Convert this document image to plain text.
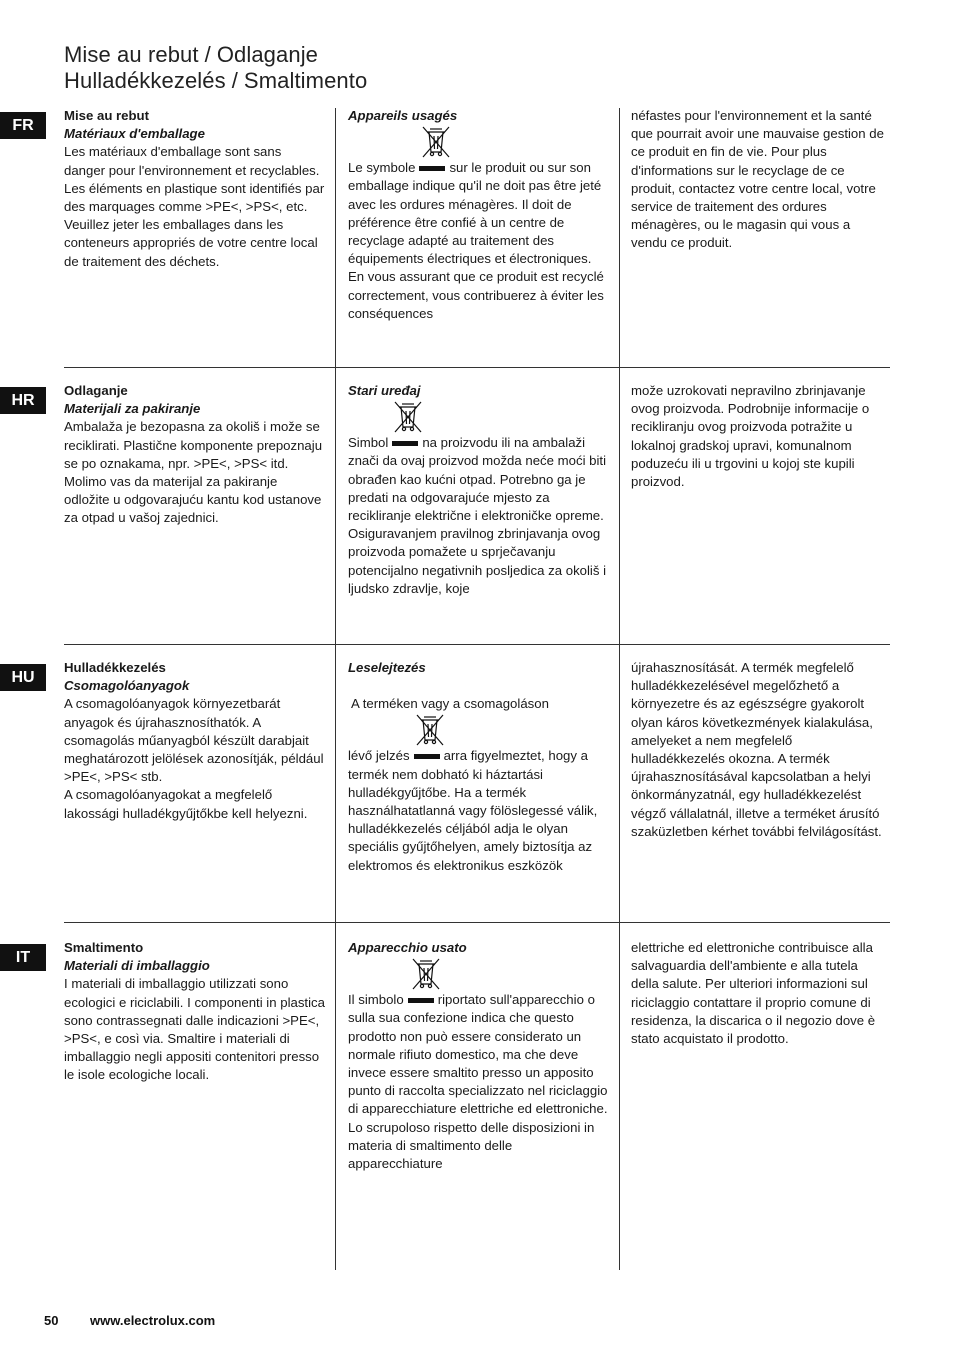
Mise au rebut / Odlaganje
Hulladékkezelés / Smaltimento
FR
HR
HU
IT

Mise au rebut

Matériaux d'emballage

Les matériaux d'emballage sont sans danger pour l'environnement et recyclables. Les éléments en plastique sont identifiés par des marquages comme >PE<, >PS<, etc.

Veuillez jeter les emballages dans les conteneurs appropriés de votre centre local de traitement des déchets.

Appareils usagés

Le symbole	sur le produit ou sur son emballage indique qu'il ne doit pas être jeté avec les ordures ménagères. Il doit de préférence être confié à un centre de recyclage adapté au traitement des équipements électriques et électroniques. En vous assurant que ce produit est recyclé correctement, vous contribuerez à éviter les conséquences

néfastes pour l'environnement et la santé que pourrait avoir une mauvaise gestion de ce produit en fin de vie. Pour plus d'informations sur le recyclage de ce produit, contactez votre centre local, votre service de traitement des ordures ménagères, ou le magasin qui vous a vendu ce produit.

Odlaganje

Materijali za pakiranje

Ambalaža je bezopasna za okoliš i može se reciklirati. Plastične komponente prepoznaju se po oznakama, npr. >PE<, >PS< itd.

Molimo vas da materijal za pakiranje odložite u odgovarajuću kantu kod ustanove za otpad u vašoj zajednici.

Stari uređaj

Simbol	na proizvodu ili na ambalaži znači da ovaj proizvod možda neće moći biti obrađen kao kućni otpad. Potrebno ga je predati na odgovarajuće mjesto za recikliranje električne i elektroničke opreme. Osiguravanjem pravilnog zbrinjavanja ovog proizvoda pomažete u sprječavanju potencijalno negativnih posljedica za okoliš i ljudsko zdravlje, koje

može uzrokovati nepravilno zbrinjavanje ovog proizvoda. Podrobnije informacije o recikliranju ovog proizvoda potražite u lokalnoj gradskoj upravi, komunalnom poduzeću ili u trgovini u kojoj ste kupili proizvod.

Hulladékkezelés

Csomagolóanyagok

A csomagolóanyagok környezetbarát anyagok és újrahasznosíthatók. A csomagolás műanyagból készült darabjait meghatározott jelölések azonosítják, például >PE<, >PS< stb.

A csomagolóanyagokat a megfelelő lakossági hulladékgyűjtőkbe kell helyezni.

Leselejtezés

A terméken vagy a csomagoláson

lévő jelzés	arra figyelmeztet, hogy a termék nem dobható ki háztartási hulladékgyűjtőbe. Ha a termék használhatatlanná vagy fölöslegessé válik, hulladékkezelés céljából adja le olyan speciális gyűjtőhelyen, amely biztosítja az elektromos és elektronikus eszközök

újrahasznosítását. A termék megfelelő hulladékkezelésével megelőzhető a környezetre és az egészségre gyakorolt olyan káros következmények kialakulása, amelyeket a nem megfelelő hulladékkezelés okozna. A termék újrahasznosításával kapcsolatban a helyi önkormányzatnál, egy hulladékkezelést végző vállalatnál, illetve a terméket árusító szaküzletben kérhet további felvilágosítást.

Smaltimento

Materiali di imballaggio

I materiali di imballaggio utilizzati sono ecologici e riciclabili. I componenti in plastica sono contrassegnati dalle indicazioni >PE<, >PS<, e così via. Smaltire i materiali di imballaggio negli appositi contenitori presso le isole ecologiche locali.

Apparecchio usato

Il simbolo	riportato sull'apparecchio o sulla sua confezione indica che questo prodotto non può essere considerato un normale rifiuto domestico, ma che deve invece essere smaltito presso un apposito punto di raccolta specializzato nel riciclaggio di apparecchiature elettriche ed elettroniche. Lo scrupoloso rispetto delle disposizioni in materia di smaltimento delle apparecchiature

elettriche ed elettroniche contribuisce alla salvaguardia dell'ambiente e alla tutela della salute. Per ulteriori informazioni sul riciclaggio contattare il proprio comune di residenza, la discarica o il negozio dove è stato acquistato il prodotto.

50 www.electrolux.com
